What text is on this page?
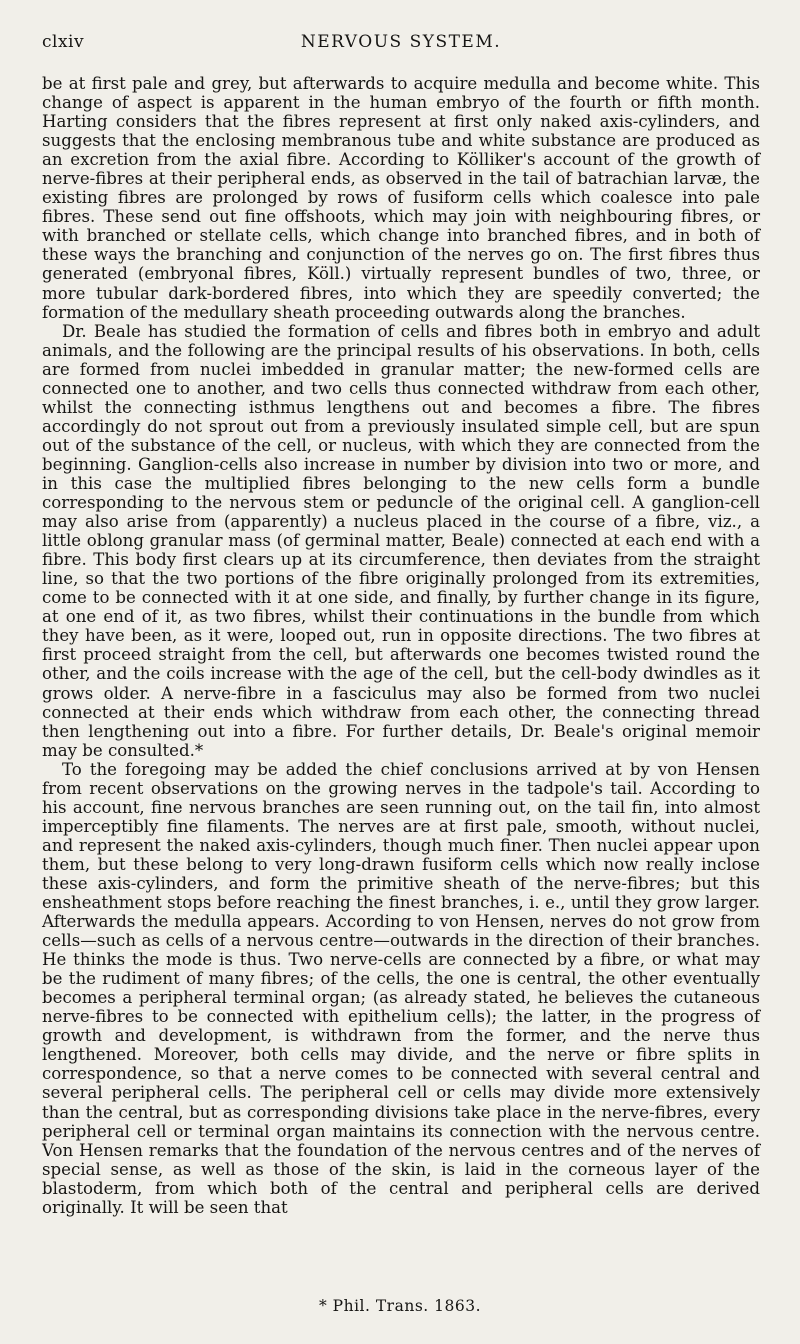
clxiv	NERVOUS SYSTEM.

be at first pale and grey, but afterwards to acquire medulla and become white. This change of aspect is apparent in the human embryo of the fourth or fifth month. Harting considers that the fibres represent at first only naked axis-cylinders, and suggests that the enclosing membranous tube and white substance are produced as an excretion from the axial fibre. According to Kölliker's account of the growth of nerve-fibres at their peripheral ends, as observed in the tail of batrachian larvæ, the existing fibres are prolonged by rows of fusiform cells which coalesce into pale fibres. These send out fine offshoots, which may join with neighbouring fibres, or with branched or stellate cells, which change into branched fibres, and in both of these ways the branching and conjunction of the nerves go on. The first fibres thus generated (embryonal fibres, Köll.) virtually represent bundles of two, three, or more tubular dark-bordered fibres, into which they are speedily converted; the formation of the medullary sheath proceeding outwards along the branches.

Dr. Beale has studied the formation of cells and fibres both in embryo and adult animals, and the following are the principal results of his observations. In both, cells are formed from nuclei imbedded in granular matter; the new-formed cells are connected one to another, and two cells thus connected withdraw from each other, whilst the connecting isthmus lengthens out and becomes a fibre. The fibres accordingly do not sprout out from a previously insulated simple cell, but are spun out of the substance of the cell, or nucleus, with which they are connected from the beginning. Ganglion-cells also increase in number by division into two or more, and in this case the multiplied fibres belonging to the new cells form a bundle corresponding to the nervous stem or peduncle of the original cell. A ganglion-cell may also arise from (apparently) a nucleus placed in the course of a fibre, viz., a little oblong granular mass (of germinal matter, Beale) connected at each end with a fibre. This body first clears up at its circumference, then deviates from the straight line, so that the two portions of the fibre originally prolonged from its extremities, come to be connected with it at one side, and finally, by further change in its figure, at one end of it, as two fibres, whilst their continuations in the bundle from which they have been, as it were, looped out, run in opposite directions. The two fibres at first proceed straight from the cell, but afterwards one becomes twisted round the other, and the coils increase with the age of the cell, but the cell-body dwindles as it grows older. A nerve-fibre in a fasciculus may also be formed from two nuclei connected at their ends which withdraw from each other, the connecting thread then lengthening out into a fibre. For further details, Dr. Beale's original memoir may be consulted.*

To the foregoing may be added the chief conclusions arrived at by von Hensen from recent observations on the growing nerves in the tadpole's tail. According to his account, fine nervous branches are seen running out, on the tail fin, into almost imperceptibly fine filaments. The nerves are at first pale, smooth, without nuclei, and represent the naked axis-cylinders, though much finer. Then nuclei appear upon them, but these belong to very long-drawn fusiform cells which now really inclose these axis-cylinders, and form the primitive sheath of the nerve-fibres; but this ensheathment stops before reaching the finest branches, i. e., until they grow larger. Afterwards the medulla appears. According to von Hensen, nerves do not grow from cells—such as cells of a nervous centre—outwards in the direction of their branches. He thinks the mode is thus. Two nerve-cells are connected by a fibre, or what may be the rudiment of many fibres; of the cells, the one is central, the other eventually becomes a peripheral terminal organ; (as already stated, he believes the cutaneous nerve-fibres to be connected with epithelium cells); the latter, in the progress of growth and development, is withdrawn from the former, and the nerve thus lengthened. Moreover, both cells may divide, and the nerve or fibre splits in correspondence, so that a nerve comes to be connected with several central and several peripheral cells. The peripheral cell or cells may divide more extensively than the central, but as corresponding divisions take place in the nerve-fibres, every peripheral cell or terminal organ maintains its connection with the nervous centre. Von Hensen remarks that the foundation of the nervous centres and of the nerves of special sense, as well as those of the skin, is laid in the corneous layer of the blastoderm, from which both of the central and peripheral cells are derived originally. It will be seen that

* Phil. Trans. 1863.
